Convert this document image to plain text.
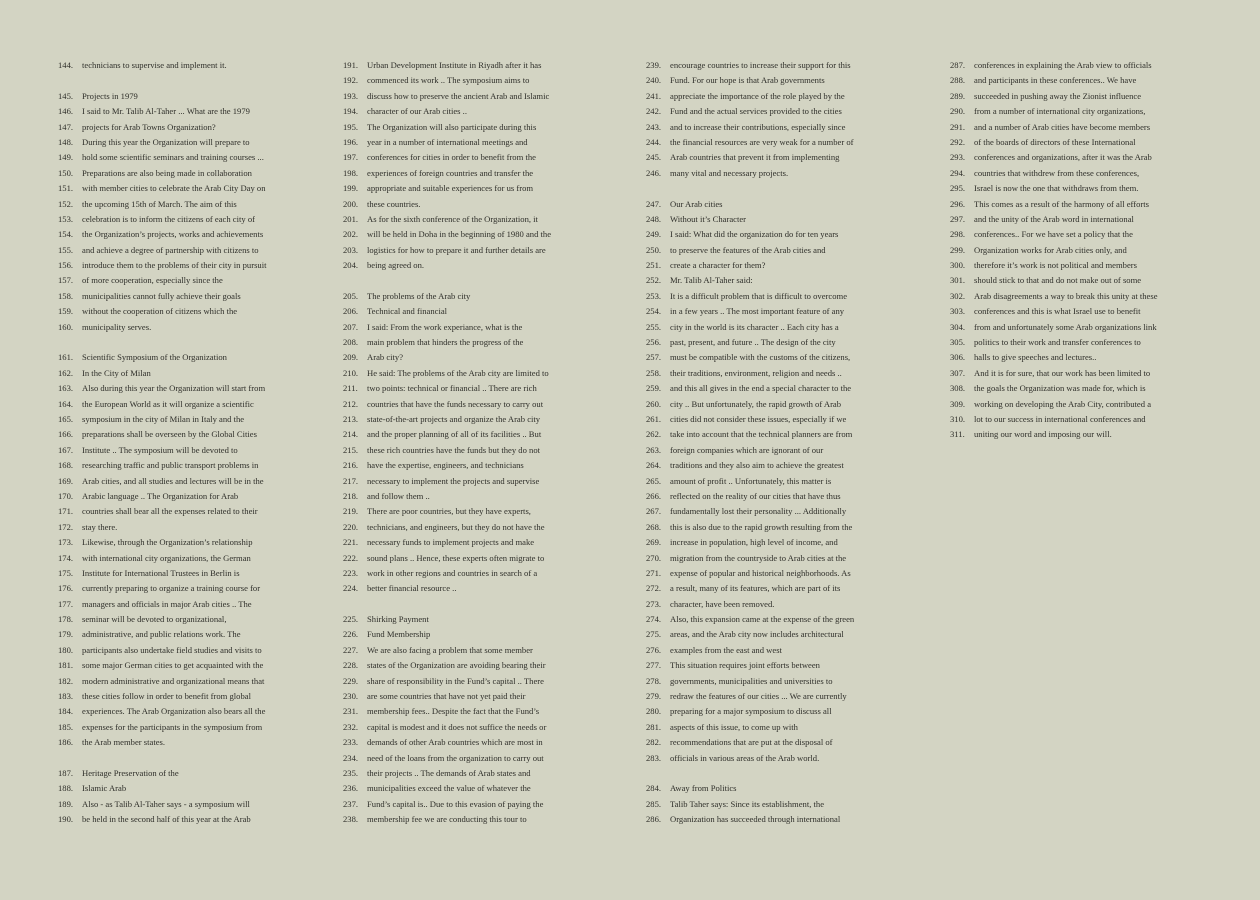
144. technicians to supervise and implement it.
145. Projects in 1979
146. I said to Mr. Talib Al-Taher ... What are the 1979
147. projects for Arab Towns Organization?
148. During this year the Organization will prepare to
149. hold some scientific seminars and training courses ...
150. Preparations are also being made in collaboration
151. with member cities to celebrate the Arab City Day on
152. the upcoming 15th of March. The aim of this
153. celebration is to inform the citizens of each city of
154. the Organization’s projects, works and achievements
155. and achieve a degree of partnership with citizens to
156. introduce them to the problems of their city in pursuit
157. of more cooperation, especially since the
158. municipalities cannot fully achieve their goals
159. without the cooperation of citizens which the
160. municipality serves.
161. Scientific Symposium of the Organization
162. In the City of Milan
163. Also during this year the Organization will start from
164. the European World as it will organize a scientific
165. symposium in the city of Milan in Italy and the
166. preparations shall be overseen by the Global Cities
167. Institute .. The symposium will be devoted to
168. researching traffic and public transport problems in
169. Arab cities, and all studies and lectures will be in the
170. Arabic language .. The Organization for Arab
171. countries shall bear all the expenses related to their
172. stay there.
173. Likewise, through the Organization’s relationship
174. with international city organizations, the German
175. Institute for International Trustees in Berlin is
176. currently preparing to organize a training course for
177. managers and officials in major Arab cities .. The
178. seminar will be devoted to organizational,
179. administrative, and public relations work. The
180. participants also undertake field studies and visits to
181. some major German cities to get acquainted with the
182. modern administrative and organizational means that
183. these cities follow in order to benefit from global
184. experiences. The Arab Organization also bears all the
185. expenses for the participants in the symposium from
186. the Arab member states.
187. Heritage Preservation of the
188. Islamic Arab
189. Also - as Talib Al-Taher says - a symposium will
190. be held in the second half of this year at the Arab
191. Urban Development Institute in Riyadh after it has
192. commenced its work .. The symposium aims to
193. discuss how to preserve the ancient Arab and Islamic
194. character of our Arab cities ..
195. The Organization will also participate during this
196. year in a number of international meetings and
197. conferences for cities in order to benefit from the
198. experiences of foreign countries and transfer the
199. appropriate and suitable experiences for us from
200. these countries.
201. As for the sixth conference of the Organization, it
202. will be held in Doha in the beginning of 1980 and the
203. logistics for how to prepare it and further details are
204. being agreed on.
205. The problems of the Arab city
206. Technical and financial
207. I said: From the work experiance, what is the
208. main problem that hinders the progress of the
209. Arab city?
210. He said: The problems of the Arab city are limited to
211. two points: technical or financial .. There are rich
212. countries that have the funds necessary to carry out
213. state-of-the-art projects and organize the Arab city
214. and the proper planning of all of its facilities .. But
215. these rich countries have the funds but they do not
216. have the expertise, engineers, and technicians
217. necessary to implement the projects and supervise
218. and follow them ..
219. There are poor countries, but they have experts,
220. technicians, and engineers, but they do not have the
221. necessary funds to implement projects and make
222. sound plans .. Hence, these experts often migrate to
223. work in other regions and countries in search of a
224. better financial resource ..
225. Shirking Payment
226. Fund Membership
227. We are also facing a problem that some member
228. states of the Organization are avoiding bearing their
229. share of responsibility in the Fund’s capital .. There
230. are some countries that have not yet paid their
231. membership fees.. Despite the fact that the Fund’s
232. capital is modest and it does not suffice the needs or
233. demands of other Arab countries which are most in
234. need of the loans from the organization to carry out
235. their projects .. The demands of Arab states and
236. municipalities exceed the value of whatever the
237. Fund’s capital is.. Due to this evasion of paying the
238. membership fee we are conducting this tour to
239. encourage countries to increase their support for this
240. Fund. For our hope is that Arab governments
241. appreciate the importance of the role played by the
242. Fund and the actual services provided to the cities
243. and to increase their contributions, especially since
244. the financial resources are very weak for a number of
245. Arab countries that prevent it from implementing
246. many vital and necessary projects.
247. Our Arab cities
248. Without it’s Character
249. I said: What did the organization do for ten years
250. to preserve the features of the Arab cities and
251. create a character for them?
252. Mr. Talib Al-Taher said:
253. It is a difficult problem that is difficult to overcome
254. in a few years .. The most important feature of any
255. city in the world is its character .. Each city has a
256. past, present, and future .. The design of the city
257. must be compatible with the customs of the citizens,
258. their traditions, environment, religion and needs ..
259. and this all gives in the end a special character to the
260. city .. But unfortunately, the rapid growth of Arab
261. cities did not consider these issues, especially if we
262. take into account that the technical planners are from
263. foreign companies which are ignorant of our
264. traditions and they also aim to achieve the greatest
265. amount of profit .. Unfortunately, this matter is
266. reflected on the reality of our cities that have thus
267. fundamentally lost their personality ... Additionally
268. this is also due to the rapid growth resulting from the
269. increase in population, high level of income, and
270. migration from the countryside to Arab cities at the
271. expense of popular and historical neighborhoods. As
272. a result, many of its features, which are part of its
273. character, have been removed.
274. Also, this expansion came at the expense of the green
275. areas, and the Arab city now includes architectural
276. examples from the east and west
277. This situation requires joint efforts between
278. governments, municipalities and universities to
279. redraw the features of our cities ... We are currently
280. preparing for a major symposium to discuss all
281. aspects of this issue, to come up with
282. recommendations that are put at the disposal of
283. officials in various areas of the Arab world.
284. Away from Politics
285. Talib Taher says: Since its establishment, the
286. Organization has succeeded through international
287. conferences in explaining the Arab view to officials
288. and participants in these conferences.. We have
289. succeeded in pushing away the Zionist influence
290. from a number of international city organizations,
291. and a number of Arab cities have become members
292. of the boards of directors of these International
293. conferences and organizations, after it was the Arab
294. countries that withdrew from these conferences,
295. Israel is now the one that withdraws from them.
296. This comes as a result of the harmony of all efforts
297. and the unity of the Arab word in international
298. conferences.. For we have set a policy that the
299. Organization works for Arab cities only, and
300. therefore it’s work is not political and members
301. should stick to that and do not make out of some
302. Arab disagreements a way to break this unity at these
303. conferences and this is what Israel use to benefit
304. from and unfortunately some Arab organizations link
305. politics to their work and transfer conferences to
306. halls to give speeches and lectures..
307. And it is for sure, that our work has been limited to
308. the goals the Organization was made for, which is
309. working on developing the Arab City, contributed a
310. lot to our success in international conferences and
311. uniting our word and imposing our will.
